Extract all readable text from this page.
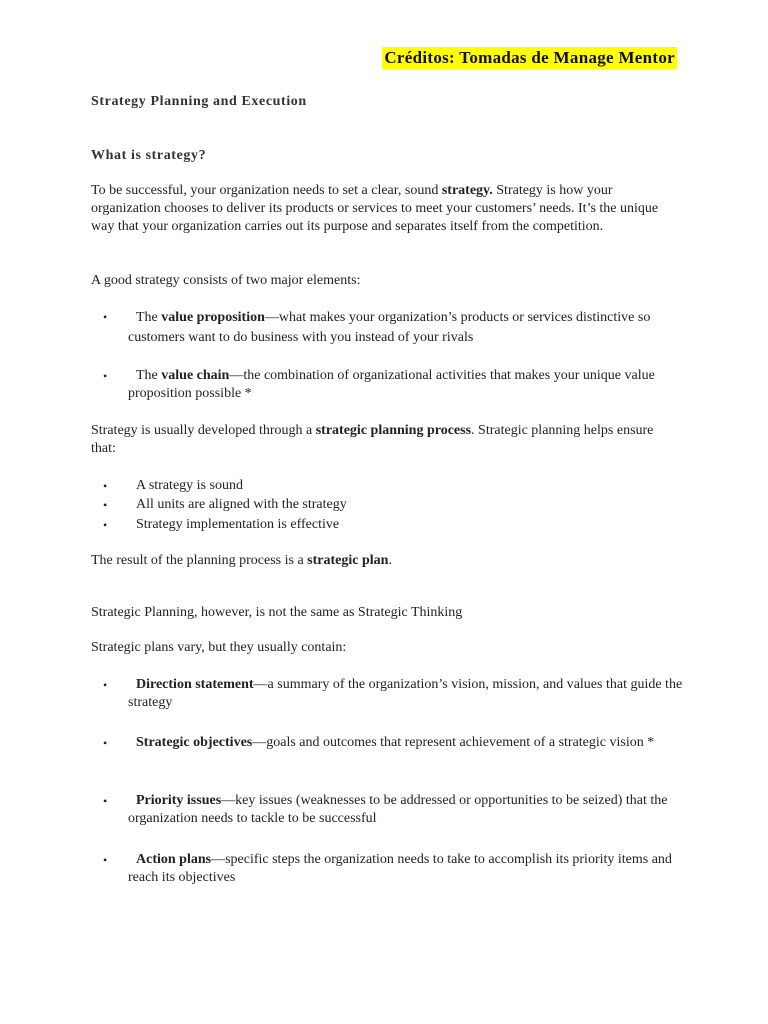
Créditos: Tomadas de Manage Mentor
Strategy Planning and Execution
What is strategy?
To be successful, your organization needs to set a clear, sound strategy. Strategy is how your organization chooses to deliver its products or services to meet your customers’ needs. It’s the unique way that your organization carries out its purpose and separates itself from the competition.
A good strategy consists of two major elements:
•	The value proposition—what makes your organization’s products or services distinctive so customers want to do business with you instead of your rivals
•	The value chain—the combination of organizational activities that makes your unique value proposition possible *
Strategy is usually developed through a strategic planning process. Strategic planning helps ensure that:
• A strategy is sound
• All units are aligned with the strategy
• Strategy implementation is effective
The result of the planning process is a strategic plan.
Strategic Planning, however, is not the same as Strategic Thinking
Strategic plans vary, but they usually contain:
•	Direction statement—a summary of the organization’s vision, mission, and values that guide the strategy
•	Strategic objectives—goals and outcomes that represent achievement of a strategic vision *
•	Priority issues—key issues (weaknesses to be addressed or opportunities to be seized) that the organization needs to tackle to be successful
•	Action plans—specific steps the organization needs to take to accomplish its priority items and reach its objectives
